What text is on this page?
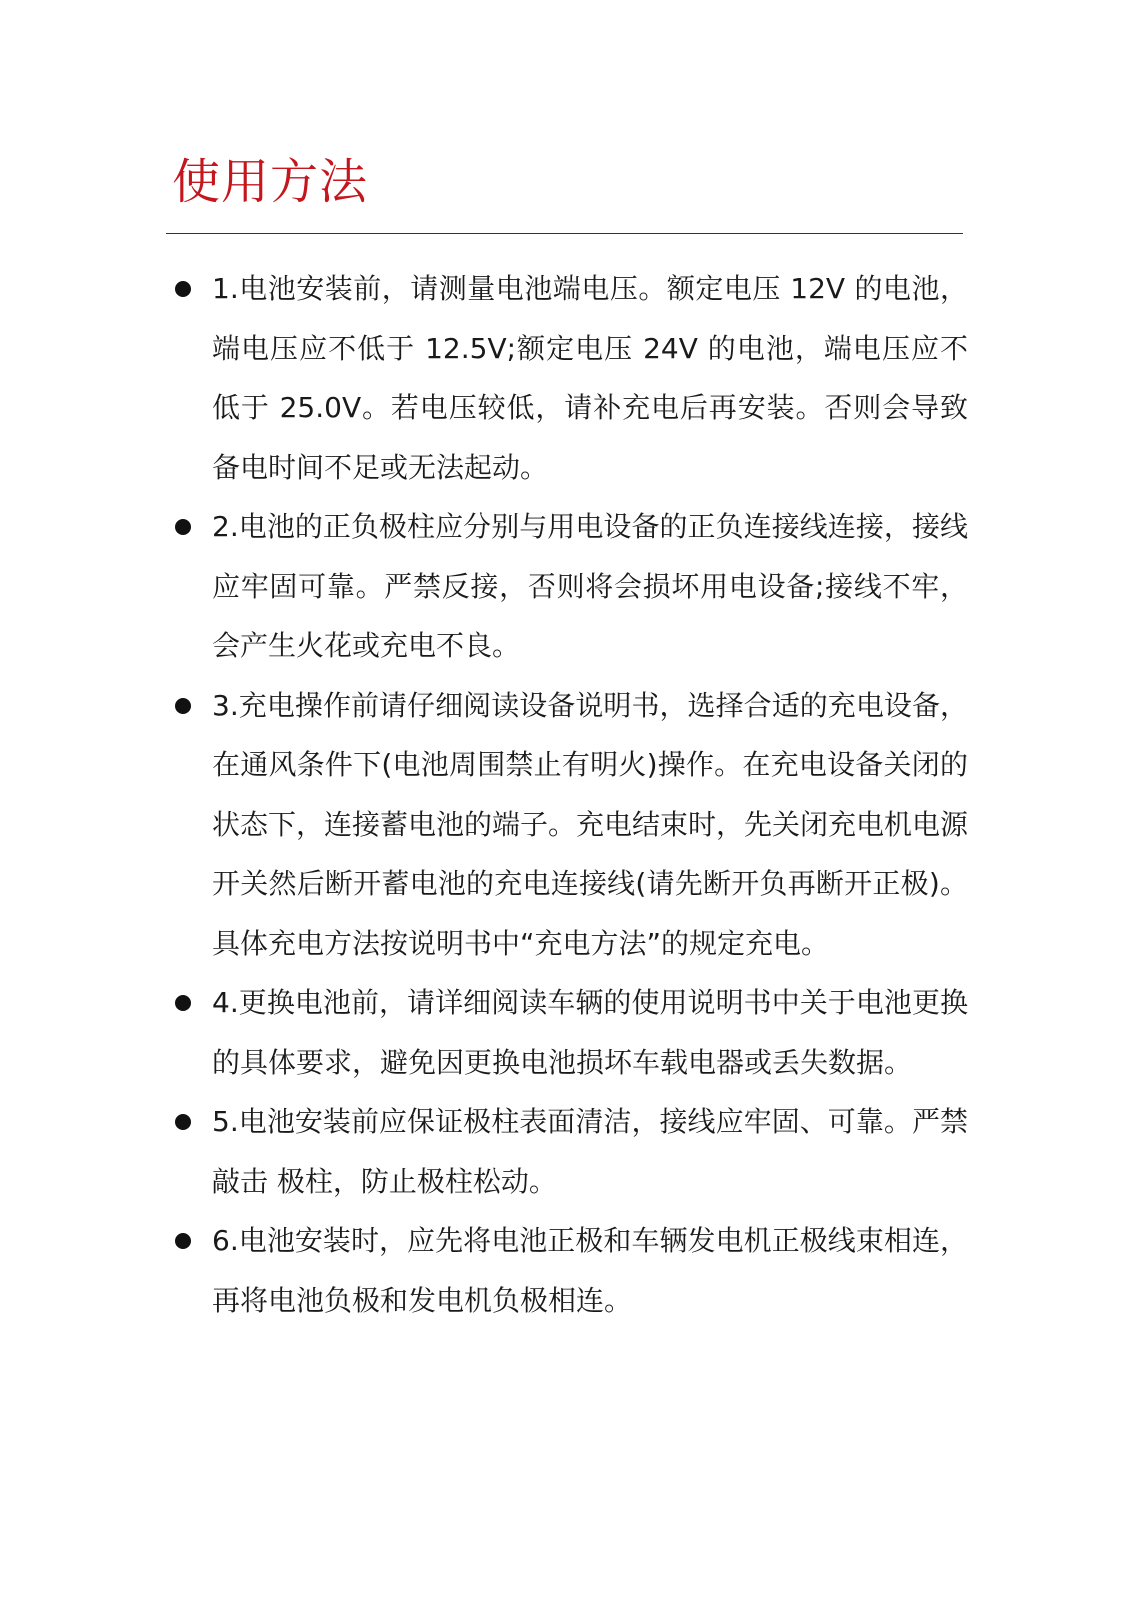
使用方法
1.电池安装前，请测量电池端电压。额定电压 12V 的电池，端电压应不低于 12.5V;额定电压 24V 的电池，端电压应不低于 25.0V。若电压较低，请补充电后再安装。否则会导致备电时间不足或无法起动。
2.电池的正负极柱应分别与用电设备的正负连接线连接，接线应牢固可靠。严禁反接，否则将会损坏用电设备;接线不牢，会产生火花或充电不良。
3.充电操作前请仔细阅读设备说明书，选择合适的充电设备，在通风条件下(电池周围禁止有明火)操作。在充电设备关闭的状态下，连接蓄电池的端子。充电结束时，先关闭充电机电源开关然后断开蓄电池的充电连接线(请先断开负再断开正极)。具体充电方法按说明书中“充电方法”的规定充电。
4.更换电池前，请详细阅读车辆的使用说明书中关于电池更换的具体要求，避免因更换电池损坏车载电器或丢失数据。
5.电池安装前应保证极柱表面清洁，接线应牢固、可靠。严禁敲击 极柱，防止极柱松动。
6.电池安装时，应先将电池正极和车辆发电机正极线束相连，再将电池负极和发电机负极相连。
